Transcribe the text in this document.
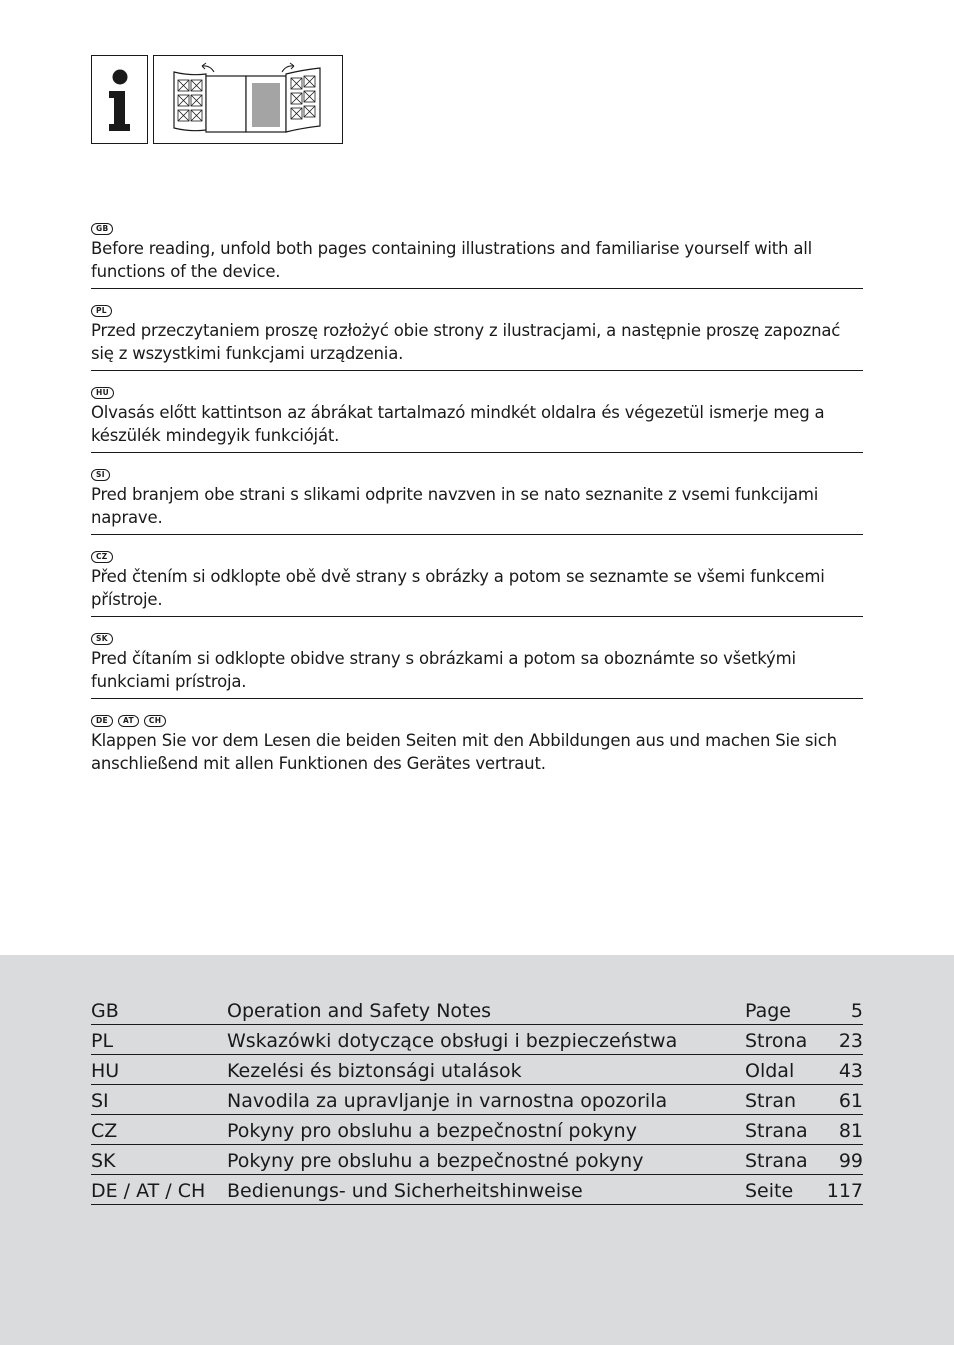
GB
Before reading, unfold both pages containing illustrations and familiarise yourself with all functions of the device.
PL
Przed przeczytaniem proszę rozłożyć obie strony z ilustracjami, a następnie proszę zapoznać się z wszystkimi funkcjami urządzenia.
HU
Olvasás előtt kattintson az ábrákat tartalmazó mindkét oldalra és végezetül ismerje meg a készülék mindegyik funkcióját.
SI
Pred branjem obe strani s slikami odprite navzven in se nato seznanite z vsemi funkcijami naprave.
CZ
Před čtením si odklopte obě dvě strany s obrázky a potom se seznamte se všemi funkcemi přístroje.
SK
Pred čítaním si odklopte obidve strany s obrázkami a potom sa oboznámte so všetkými funkciami prístroja.
DE	AT	CH
Klappen Sie vor dem Lesen die beiden Seiten mit den Abbildungen aus und machen Sie sich anschließend mit allen Funktionen des Gerätes vertraut.
GB	Operation and Safety Notes	Page	5
PL	Wskazówki dotyczące obsługi i bezpieczeństwa	Strona	23
HU	Kezelési és biztonsági utalások	Oldal	43
SI	Navodila za upravljanje in varnostna opozorila	Stran	61
CZ	Pokyny pro obsluhu a bezpečnostní pokyny	Strana	81
SK	Pokyny pre obsluhu a bezpečnostné pokyny	Strana	99
DE / AT / CH	Bedienungs- und Sicherheitshinweise	Seite	117
